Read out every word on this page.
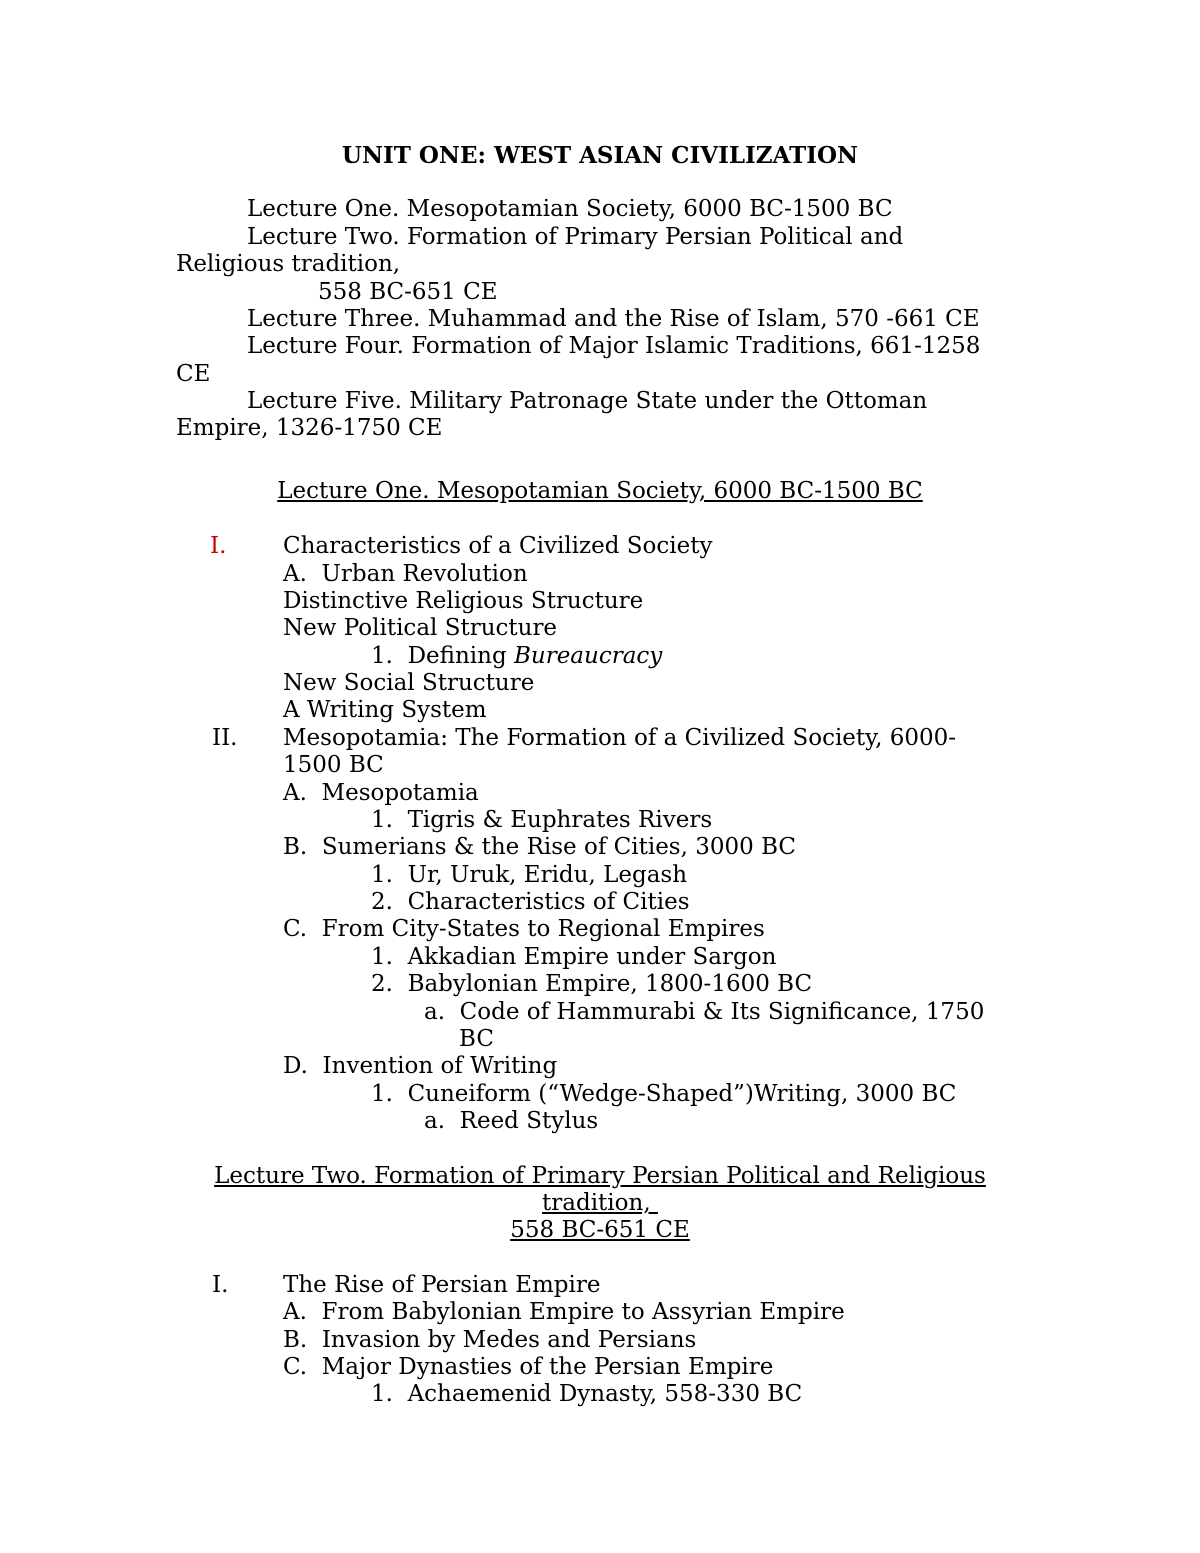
UNIT ONE: WEST ASIAN CIVILIZATION
Lecture One. Mesopotamian Society, 6000 BC-1500 BC
Lecture Two. Formation of Primary Persian Political and
Religious tradition,
558 BC-651 CE
Lecture Three. Muhammad and the Rise of Islam, 570 -661 CE
Lecture Four. Formation of Major Islamic Traditions, 661-1258
CE
Lecture Five. Military Patronage State under the Ottoman
Empire, 1326-1750 CE
Lecture One. Mesopotamian Society, 6000 BC-1500 BC
I. Characteristics of a Civilized Society
A.  Urban Revolution
Distinctive Religious Structure
New Political Structure
1.  Defining Bureaucracy
New Social Structure
A Writing System
II. Mesopotamia: The Formation of a Civilized Society, 6000-
1500 BC
A.  Mesopotamia
1.  Tigris & Euphrates Rivers
B.  Sumerians & the Rise of Cities, 3000 BC
1.  Ur, Uruk, Eridu, Legash
2.  Characteristics of Cities
C.  From City-States to Regional Empires
1.  Akkadian Empire under Sargon
2.  Babylonian Empire, 1800-1600 BC
a.  Code of Hammurabi & Its Significance, 1750
BC
D.  Invention of Writing
1.  Cuneiform (“Wedge-Shaped”)Writing, 3000 BC
a.  Reed Stylus
Lecture Two. Formation of Primary Persian Political and Religious
tradition,
558 BC-651 CE
I. The Rise of Persian Empire
A.  From Babylonian Empire to Assyrian Empire
B.  Invasion by Medes and Persians
C.  Major Dynasties of the Persian Empire
1.  Achaemenid Dynasty, 558-330 BC
